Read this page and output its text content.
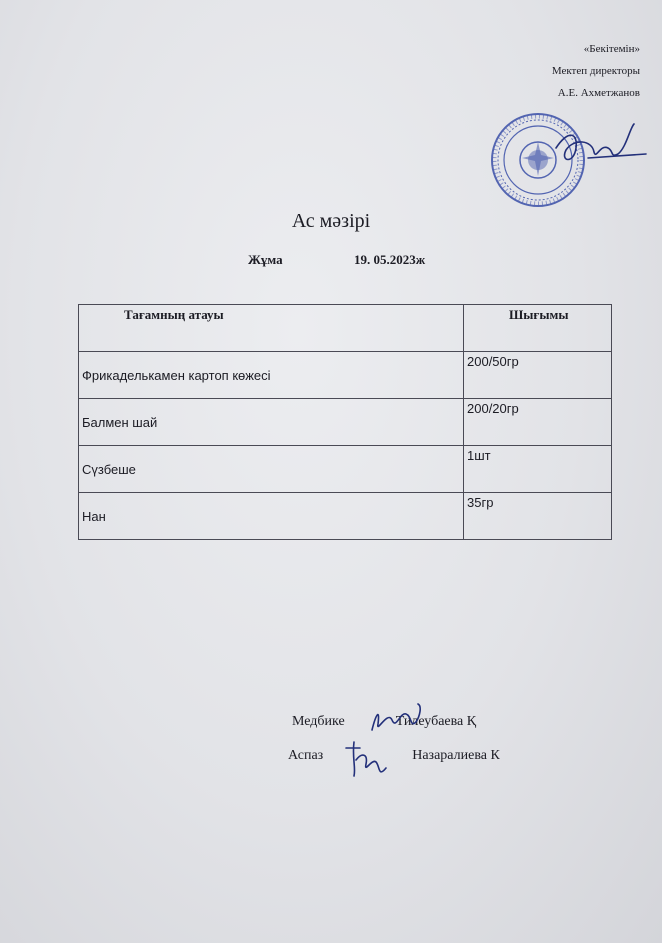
«Бекітемін»
Мектеп директоры
А.Е. Ахметжанов
Ас мәзірі
Жұма	19. 05.2023ж
Тағамның атауы	Шығымы
Фрикаделькамен картоп көжесі	200/50гр
Балмен шай	200/20гр
Сүзбеше	1шт
Нан	35гр
Медбике	Тилеубаева Қ
Аспаз	Назаралиева К
